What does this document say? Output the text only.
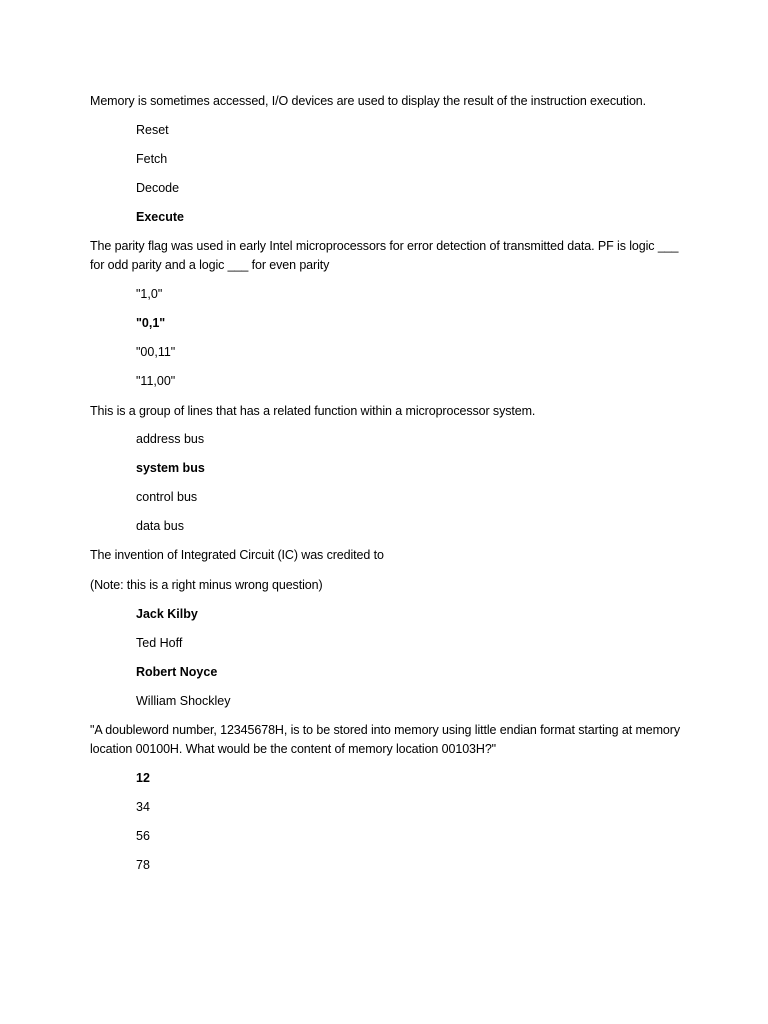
Memory is sometimes accessed, I/O devices are used to display the result of the instruction execution.
Reset
Fetch
Decode
Execute
The parity flag was used in early Intel microprocessors for error detection of transmitted data. PF is logic ___ for odd parity and a logic ___ for even parity
"1,0"
"0,1"
"00,11"
"11,00"
This is a group of lines that has a related function within a microprocessor system.
address bus
system bus
control bus
data bus
The invention of Integrated Circuit (IC) was credited to
(Note: this is a right minus wrong question)
Jack Kilby
Ted Hoff
Robert Noyce
William Shockley
"A doubleword number, 12345678H, is to be stored into memory using little endian format starting at memory location 00100H. What would be the content of memory location 00103H?"
12
34
56
78
